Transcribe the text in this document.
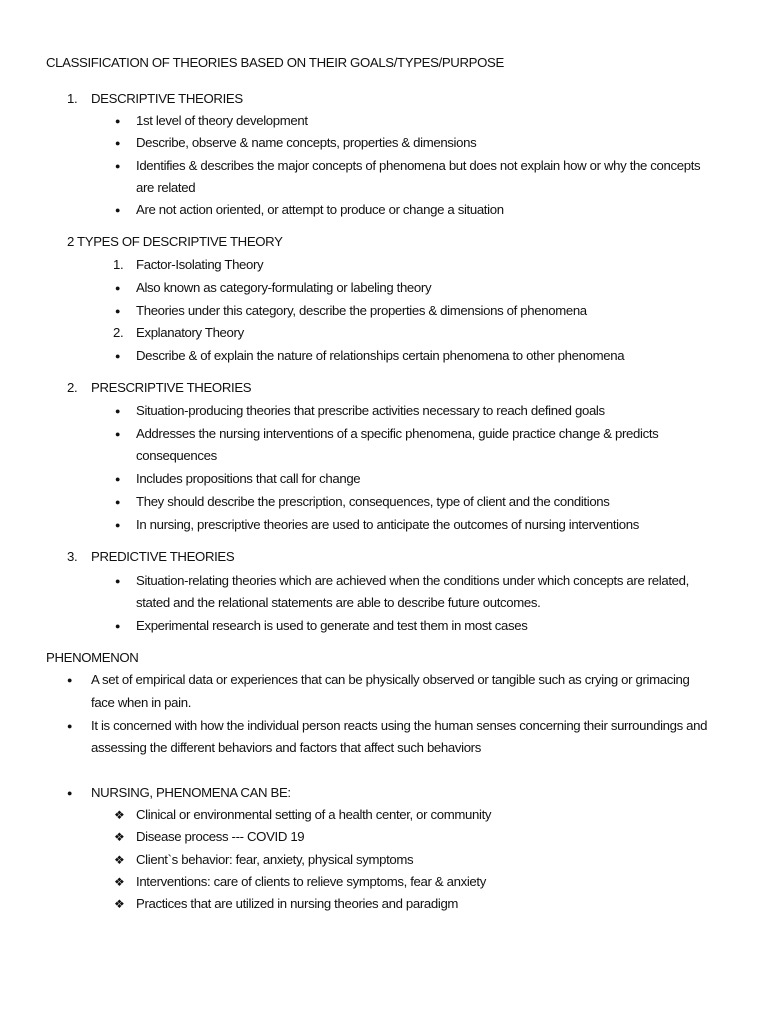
CLASSIFICATION OF THEORIES BASED ON THEIR GOALS/TYPES/PURPOSE
1. DESCRIPTIVE THEORIES
● 1st level of theory development
● Describe, observe & name concepts, properties & dimensions
● Identifies & describes the major concepts of phenomena but does not explain how or why the concepts
are related
● Are not action oriented, or attempt to produce or change a situation
2 TYPES OF DESCRIPTIVE THEORY
1. Factor-Isolating Theory
● Also known as category-formulating or labeling theory
● Theories under this category, describe the properties & dimensions of phenomena
2. Explanatory Theory
● Describe & of explain the nature of relationships certain phenomena to other phenomena
2. PRESCRIPTIVE THEORIES
● Situation-producing theories that prescribe activities necessary to reach defined goals
● Addresses the nursing interventions of a specific phenomena, guide practice change & predicts
consequences
● Includes propositions that call for change
● They should describe the prescription, consequences, type of client and the conditions
● In nursing, prescriptive theories are used to anticipate the outcomes of nursing interventions
3. PREDICTIVE THEORIES
● Situation-relating theories which are achieved when the conditions under which concepts are related,
stated and the relational statements are able to describe future outcomes.
● Experimental research is used to generate and test them in most cases
PHENOMENON
● A set of empirical data or experiences that can be physically observed or tangible such as crying or grimacing
face when in pain.
● It is concerned with how the individual person reacts using the human senses concerning their surroundings and
assessing the different behaviors and factors that affect such behaviors
● NURSING, PHENOMENA CAN BE:
❖ Clinical or environmental setting of a health center, or community
❖ Disease process --- COVID 19
❖ Client`s behavior: fear, anxiety, physical symptoms
❖ Interventions: care of clients to relieve symptoms, fear & anxiety
❖ Practices that are utilized in nursing theories and paradigm
